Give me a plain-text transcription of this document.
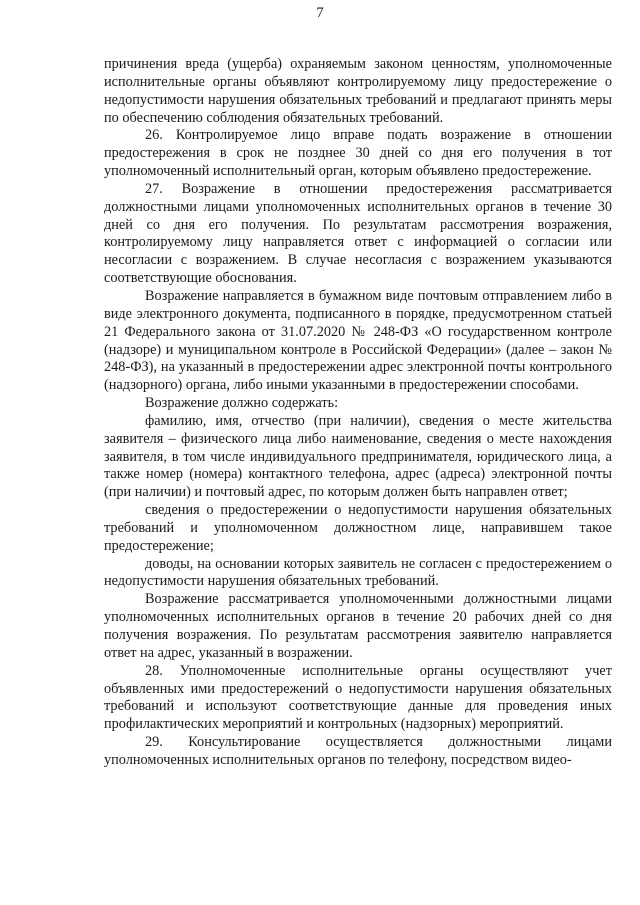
7

причинения вреда (ущерба) охраняемым законом ценностям, уполномоченные исполнительные органы объявляют контролируемому лицу предостережение о недопустимости нарушения обязательных требований и предлагают принять меры по обеспечению соблюдения обязательных требований.

26. Контролируемое лицо вправе подать возражение в отношении предостережения в срок не позднее 30 дней со дня его получения в тот уполномоченный исполнительный орган, которым объявлено предостережение.

27. Возражение в отношении предостережения рассматривается должностными лицами уполномоченных исполнительных органов в течение 30 дней со дня его получения. По результатам рассмотрения возражения, контролируемому лицу направляется ответ с информацией о согласии или несогласии с возражением. В случае несогласия с возражением указываются соответствующие обоснования.

Возражение направляется в бумажном виде почтовым отправлением либо в виде электронного документа, подписанного в порядке, предусмотренном статьей 21 Федерального закона от 31.07.2020 № 248-ФЗ «О государственном контроле (надзоре) и муниципальном контроле в Российской Федерации» (далее – закон № 248-ФЗ), на указанный в предостережении адрес электронной почты контрольного (надзорного) органа, либо иными указанными в предостережении способами.

Возражение должно содержать:

фамилию, имя, отчество (при наличии), сведения о месте жительства заявителя – физического лица либо наименование, сведения о месте нахождения заявителя, в том числе индивидуального предпринимателя, юридического лица, а также номер (номера) контактного телефона, адрес (адреса) электронной почты (при наличии) и почтовый адрес, по которым должен быть направлен ответ;

сведения о предостережении о недопустимости нарушения обязательных требований и уполномоченном должностном лице, направившем такое предостережение;

доводы, на основании которых заявитель не согласен с предостережением о недопустимости нарушения обязательных требований.

Возражение рассматривается уполномоченными должностными лицами уполномоченных исполнительных органов в течение 20 рабочих дней со дня получения возражения. По результатам рассмотрения заявителю направляется ответ на адрес, указанный в возражении.

28. Уполномоченные исполнительные органы осуществляют учет объявленных ими предостережений о недопустимости нарушения обязательных требований и используют соответствующие данные для проведения иных профилактических мероприятий и контрольных (надзорных) мероприятий.

29. Консультирование осуществляется должностными лицами уполномоченных исполнительных органов по телефону, посредством видео-
